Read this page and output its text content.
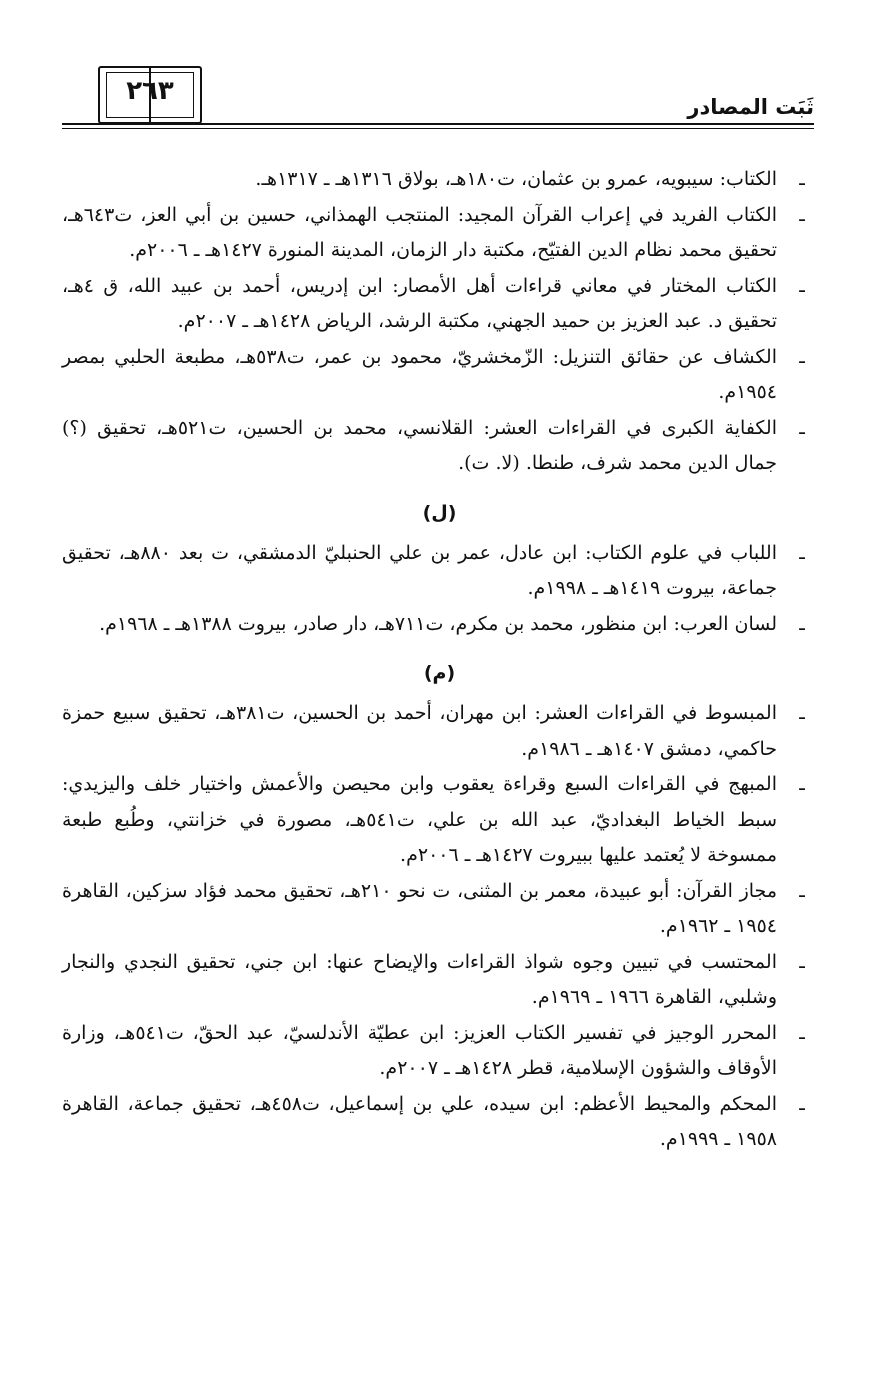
٢٦٣
ثَبَت المصادر

ـ
الكتاب: سيبويه، عمرو بن عثمان، ت١٨٠هـ، بولاق ١٣١٦هـ ـ ١٣١٧هـ.

ـ
الكتاب الفريد في إعراب القرآن المجيد: المنتجب الهمذاني، حسين بن أبي العز، ت٦٤٣هـ، تحقيق محمد نظام الدين الفتيّح، مكتبة دار الزمان، المدينة المنورة ١٤٢٧هـ ـ ٢٠٠٦م.

ـ
الكتاب المختار في معاني قراءات أهل الأمصار: ابن إدريس، أحمد بن عبيد الله، ق ٤هـ، تحقيق د. عبد العزيز بن حميد الجهني، مكتبة الرشد، الرياض ١٤٢٨هـ ـ ٢٠٠٧م.

ـ
الكشاف عن حقائق التنزيل: الزّمخشريّ، محمود بن عمر، ت٥٣٨هـ، مطبعة الحلبي بمصر ١٩٥٤م.

ـ
الكفاية الكبرى في القراءات العشر: القلانسي، محمد بن الحسين، ت٥٢١هـ، تحقيق (؟) جمال الدين محمد شرف، طنطا. (لا. ت).

(ل)

ـ
اللباب في علوم الكتاب: ابن عادل، عمر بن علي الحنبليّ الدمشقي، ت بعد ٨٨٠هـ، تحقيق جماعة، بيروت ١٤١٩هـ ـ ١٩٩٨م.

ـ
لسان العرب: ابن منظور، محمد بن مكرم، ت٧١١هـ، دار صادر، بيروت ١٣٨٨هـ ـ ١٩٦٨م.

(م)

ـ
المبسوط في القراءات العشر: ابن مهران، أحمد بن الحسين، ت٣٨١هـ، تحقيق سبيع حمزة حاكمي، دمشق ١٤٠٧هـ ـ ١٩٨٦م.

ـ
المبهج في القراءات السبع وقراءة يعقوب وابن محيصن والأعمش واختيار خلف واليزيدي: سبط الخياط البغداديّ، عبد الله بن علي، ت٥٤١هـ، مصورة في خزانتي، وطُبع طبعة ممسوخة لا يُعتمد عليها ببيروت ١٤٢٧هـ ـ ٢٠٠٦م.

ـ
مجاز القرآن: أبو عبيدة، معمر بن المثنى، ت نحو ٢١٠هـ، تحقيق محمد فؤاد سزكين، القاهرة ١٩٥٤ ـ ١٩٦٢م.

ـ
المحتسب في تبيين وجوه شواذ القراءات والإيضاح عنها: ابن جني، تحقيق النجدي والنجار وشلبي، القاهرة ١٩٦٦ ـ ١٩٦٩م.

ـ
المحرر الوجيز في تفسير الكتاب العزيز: ابن عطيّة الأندلسيّ، عبد الحقّ، ت٥٤١هـ، وزارة الأوقاف والشؤون الإسلامية، قطر ١٤٢٨هـ ـ ٢٠٠٧م.

ـ
المحكم والمحيط الأعظم: ابن سيده، علي بن إسماعيل، ت٤٥٨هـ، تحقيق جماعة، القاهرة ١٩٥٨ ـ ١٩٩٩م.
